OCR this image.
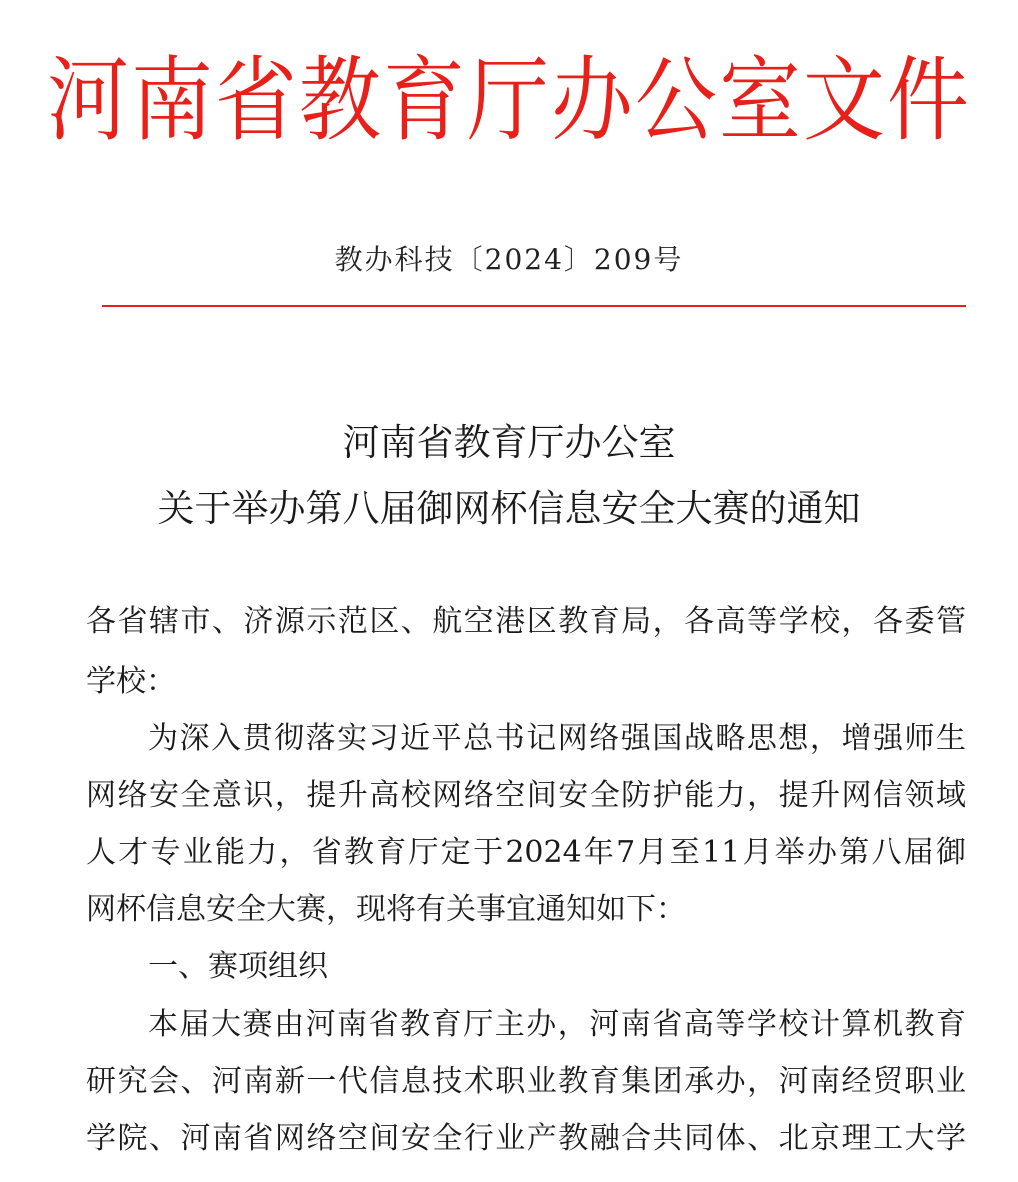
河南省教育厅办公室文件
教办科技〔2024〕209号
河南省教育厅办公室
关于举办第八届御网杯信息安全大赛的通知
各省辖市、济源示范区、航空港区教育局，各高等学校，各委管
学校：
为深入贯彻落实习近平总书记网络强国战略思想，增强师生
网络安全意识，提升高校网络空间安全防护能力，提升网信领域
人才专业能力，省教育厅定于2024年7月至11月举办第八届御
网杯信息安全大赛，现将有关事宜通知如下：
一、赛项组织
本届大赛由河南省教育厅主办，河南省高等学校计算机教育
研究会、河南新一代信息技术职业教育集团承办，河南经贸职业
学院、河南省网络空间安全行业产教融合共同体、北京理工大学
